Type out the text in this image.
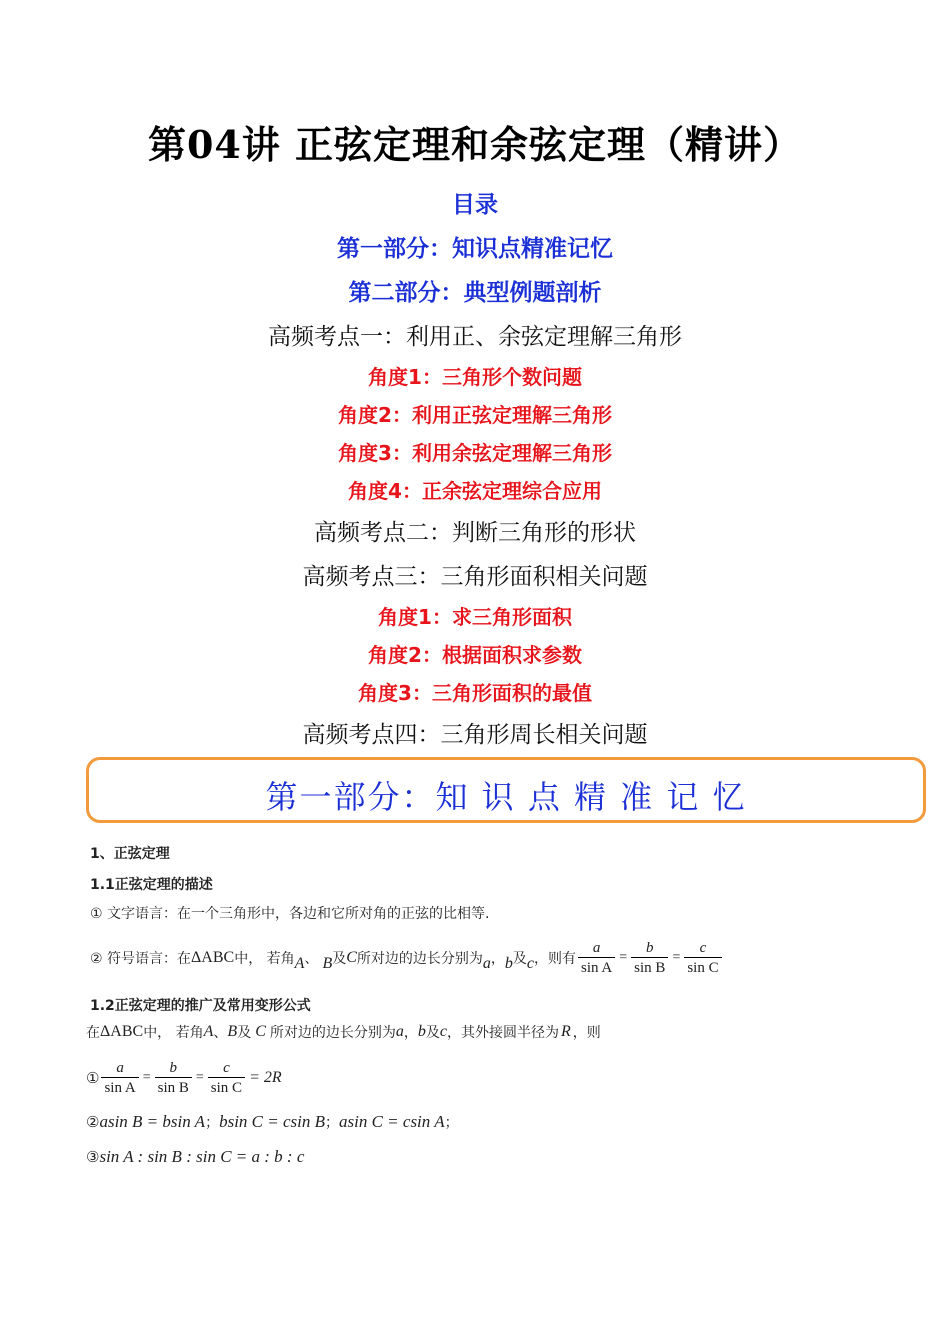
第04讲 正弦定理和余弦定理（精讲）
目录
第一部分：知识点精准记忆
第二部分：典型例题剖析
高频考点一：利用正、余弦定理解三角形
角度1：三角形个数问题
角度2：利用正弦定理解三角形
角度3：利用余弦定理解三角形
角度4：正余弦定理综合应用
高频考点二：判断三角形的形状
高频考点三：三角形面积相关问题
角度1：求三角形面积
角度2：根据面积求参数
角度3：三角形面积的最值
高频考点四：三角形周长相关问题
第一部分：知 识 点 精 准 记 忆
1、正弦定理
1.1正弦定理的描述
① 文字语言：在一个三角形中，各边和它所对角的正弦的比相等.
② 符号语言：在 ΔABC 中， 若角 A 、 B 及 C 所对边的边长分别为 a ， b 及 c ，则有 $\frac{a}{\text{sin A}} = \frac{b}{\text{sin B}} = \frac{c}{\text{sin C}}$
1.2正弦定理的推广及常用变形公式
在 ΔABC 中， 若角 A 、 B 及 C 所对边的边长分别为 a ， b 及 c ，其外接圆半径为 R ，则
① $\frac{a}{\text{sin A}} = \frac{b}{\text{sin B}} = \frac{c}{\text{sin C}} = 2R$
② asin B = bsin A ； bsin C = csin B ； asin C = csin A ；
③ sin A : sin B : sin C = a : b : c
